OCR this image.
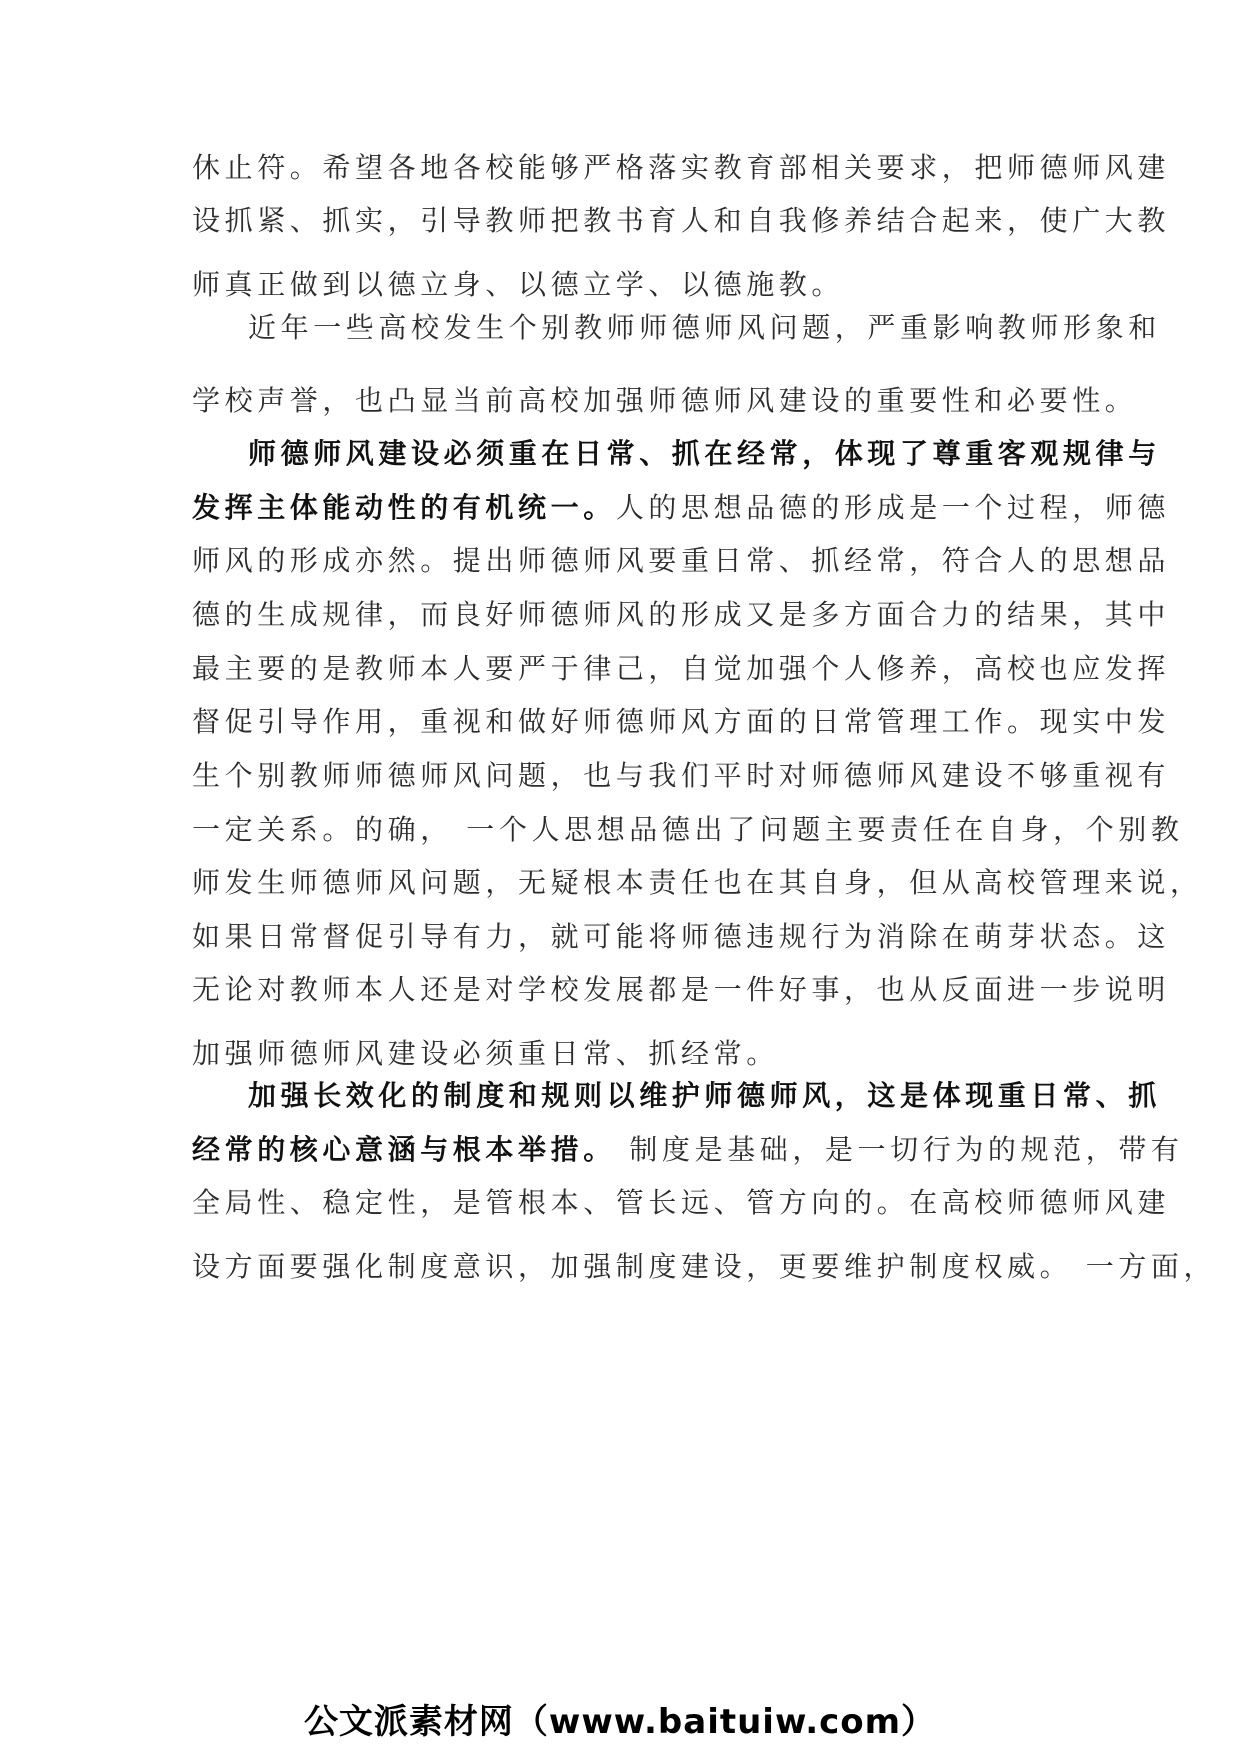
休止符。希望各地各校能够严格落实教育部相关要求，把师德师风建
设抓紧、抓实，引导教师把教书育人和自我修养结合起来，使广大教
师真正做到以德立身、以德立学、以德施教。
近年一些高校发生个别教师师德师风问题，严重影响教师形象和
学校声誉，也凸显当前高校加强师德师风建设的重要性和必要性。
师德师风建设必须重在日常、抓在经常，体现了尊重客观规律与
发挥主体能动性的有机统一。人的思想品德的形成是一个过程，师德
师风的形成亦然。提出师德师风要重日常、抓经常，符合人的思想品
德的生成规律，而良好师德师风的形成又是多方面合力的结果，其中
最主要的是教师本人要严于律己，自觉加强个人修养，高校也应发挥
督促引导作用，重视和做好师德师风方面的日常管理工作。现实中发
生个别教师师德师风问题，也与我们平时对师德师风建设不够重视有
一定关系。的确， 一个人思想品德出了问题主要责任在自身，个别教
师发生师德师风问题，无疑根本责任也在其自身，但从高校管理来说，
如果日常督促引导有力，就可能将师德违规行为消除在萌芽状态。这
无论对教师本人还是对学校发展都是一件好事，也从反面进一步说明
加强师德师风建设必须重日常、抓经常。
加强长效化的制度和规则以维护师德师风，这是体现重日常、抓
经常的核心意涵与根本举措。 制度是基础，是一切行为的规范，带有
全局性、稳定性，是管根本、管长远、管方向的。在高校师德师风建
设方面要强化制度意识，加强制度建设，更要维护制度权威。 一方面，
公文派素材网（www.baituiw.com）
